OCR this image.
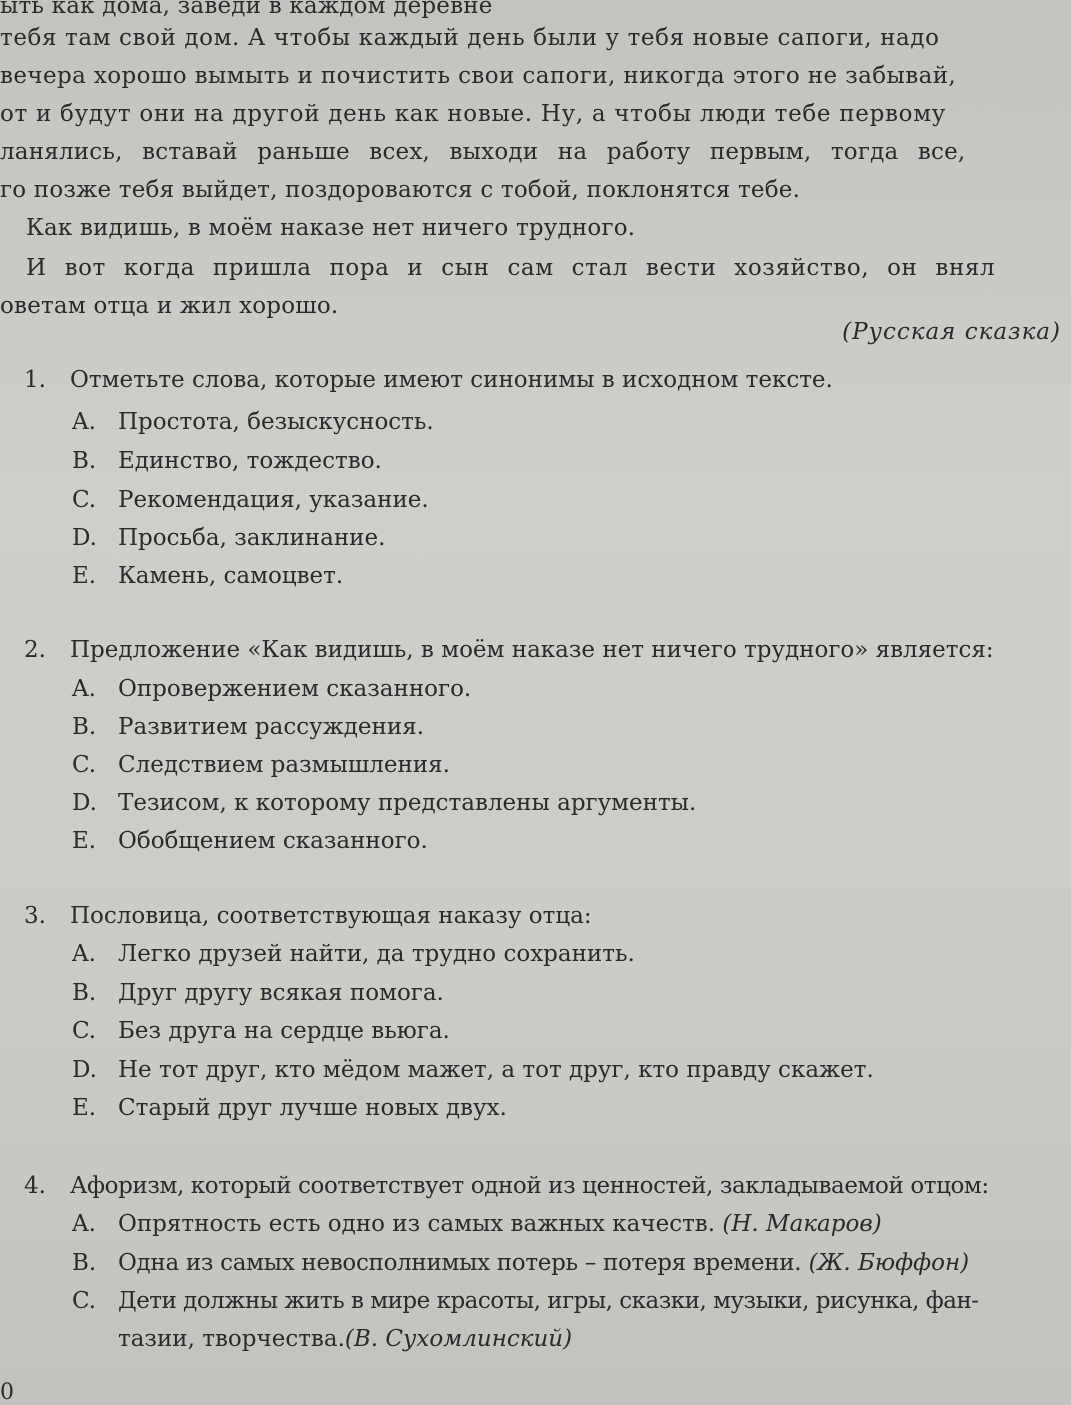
ыть как дома, заведи в каждом деревне
тебя там свой дом. А чтобы каждый день были у тебя новые сапоги, надо
вечера хорошо вымыть и почистить свои сапоги, никогда этого не забывай,
от и будут они на другой день как новые. Ну, а чтобы люди тебе первому
ланялись, вставай раньше всех, выходи на работу первым, тогда все,
го позже тебя выйдет, поздороваются с тобой, поклонятся тебе.
Как видишь, в моём наказе нет ничего трудного.
И вот когда пришла пора и сын сам стал вести хозяйство, он внял
оветам отца и жил хорошо.
(Русская сказка)
1. Отметьте слова, которые имеют синонимы в исходном тексте.
A. Простота, безыскусность.
B. Единство, тождество.
C. Рекомендация, указание.
D. Просьба, заклинание.
E. Камень, самоцвет.
2. Предложение «Как видишь, в моём наказе нет ничего трудного» является:
A. Опровержением сказанного.
B. Развитием рассуждения.
C. Следствием размышления.
D. Тезисом, к которому представлены аргументы.
E. Обобщением сказанного.
3. Пословица, соответствующая наказу отца:
A. Легко друзей найти, да трудно сохранить.
B. Друг другу всякая помога.
C. Без друга на сердце вьюга.
D. Не тот друг, кто мёдом мажет, а тот друг, кто правду скажет.
E. Старый друг лучше новых двух.
4. Афоризм, который соответствует одной из ценностей, закладываемой отцом:
A. Опрятность есть одно из самых важных качеств. (Н. Макаров)
B. Одна из самых невосполнимых потерь – потеря времени. (Ж. Бюффон)
C. Дети должны жить в мире красоты, игры, сказки, музыки, рисунка, фан-
тазии, творчества.(В. Сухомлинский)
0
